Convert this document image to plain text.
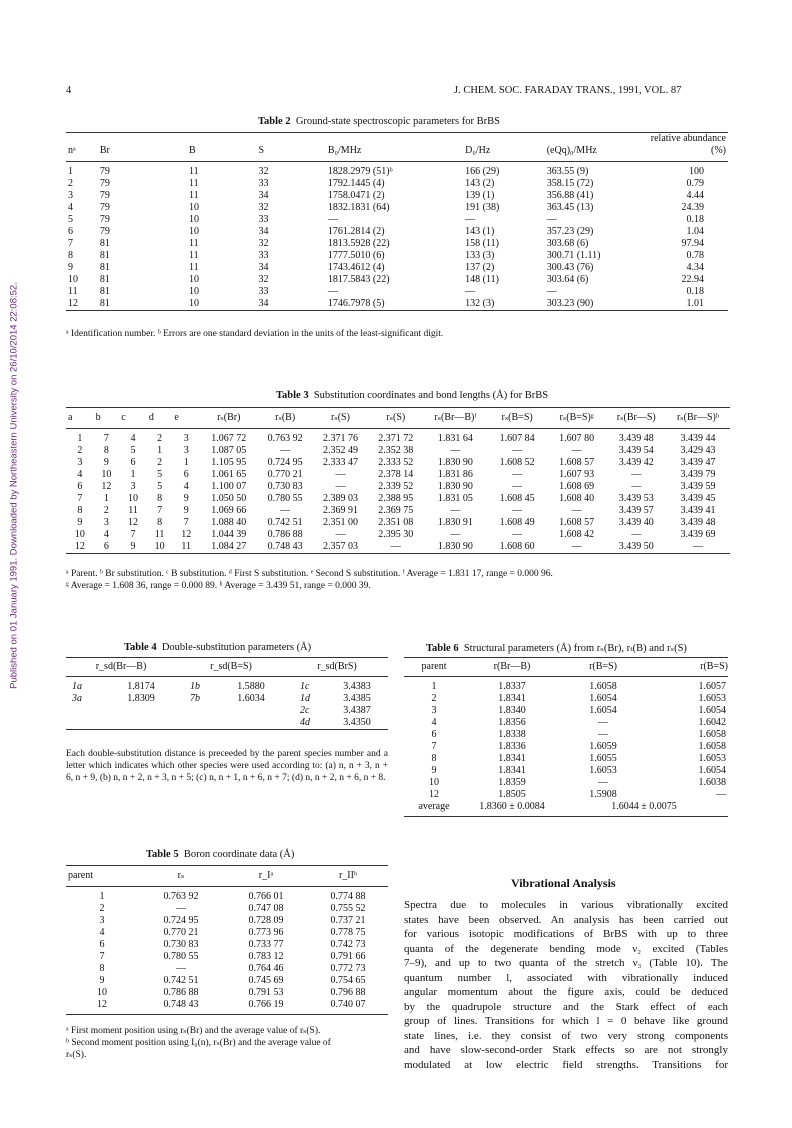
4	J. CHEM. SOC. FARADAY TRANS., 1991, VOL. 87
Published on 01 January 1991. Downloaded by Northeastern University on 26/10/2014 22:08:52.
Table 2 Ground-state spectroscopic parameters for BrBS
nᵃ	Br	B	S	B₀/MHz	D₀/Hz	(eQq)₀/MHz	relative abundance (%)
1	79	11	32	1828.2979 (51)ᵇ	166 (29)	363.55 (9)	100
2	79	11	33	1792.1445 (4)	143 (2)	358.15 (72)	0.79
3	79	11	34	1758.0471 (2)	139 (1)	356.88 (41)	4.44
4	79	10	32	1832.1831 (64)	191 (38)	363.45 (13)	24.39
5	79	10	33	—	—	—	0.18
6	79	10	34	1761.2814 (2)	143 (1)	357.23 (29)	1.04
7	81	11	32	1813.5928 (22)	158 (11)	303.68 (6)	97.94
8	81	11	33	1777.5010 (6)	133 (3)	300.71 (1.11)	0.78
9	81	11	34	1743.4612 (4)	137 (2)	300.43 (76)	4.34
10	81	10	32	1817.5843 (22)	148 (11)	303.64 (6)	22.94
11	81	10	33	—	—	—	0.18
12	81	10	34	1746.7978 (5)	132 (3)	303.23 (90)	1.01
ᵃ Identification number. ᵇ Errors are one standard deviation in the units of the least-significant digit.
Table 3 Substitution coordinates and bond lengths (Å) for BrBS
a	b	c	d	e	rₛ(Br)	rₛ(B)	rₛ(S)	rₛ(S)	rₛ(Br—B)ᶠ	rₛ(B=S)	rₛ(B=S)ᵍ	rₛ(Br—S)	rₛ(Br—S)ʰ
1	7	4	2	3	1.067 72	0.763 92	2.371 76	2.371 72	1.831 64	1.607 84	1.607 80	3.439 48	3.439 44
2	8	5	1	3	1.087 05	—	2.352 49	2.352 38	—	—	—	3.439 54	3.429 43
3	9	6	2	1	1.105 95	0.724 95	2.333 47	2.333 52	1.830 90	1.608 52	1.608 57	3.439 42	3.439 47
4	10	1	5	6	1.061 65	0.770 21	—	2.378 14	1.831 86	—	1.607 93	—	3.439 79
6	12	3	5	4	1.100 07	0.730 83	—	2.339 52	1.830 90	—	1.608 69	—	3.439 59
7	1	10	8	9	1.050 50	0.780 55	2.389 03	2.388 95	1.831 05	1.608 45	1.608 40	3.439 53	3.439 45
8	2	11	7	9	1.069 66	—	2.369 91	2.369 75	—	—	—	3.439 57	3.439 41
9	3	12	8	7	1.088 40	0.742 51	2.351 00	2.351 08	1.830 91	1.608 49	1.608 57	3.439 40	3.439 48
10	4	7	11	12	1.044 39	0.786 88	—	2.395 30	—	—	1.608 42	—	3.439 69
12	6	9	10	11	1.084 27	0.748 43	2.357 03	—	1.830 90	1.608 60	—	3.439 50	—
ᵃ Parent. ᵇ Br substitution. ᶜ B substitution. ᵈ First S substitution. ᵉ Second S substitution. ᶠ Average = 1.831 17, range = 0.000 96.
ᵍ Average = 1.608 36, range = 0.000 89. ʰ Average = 3.439 51, range = 0.000 39.
Table 4 Double-substitution parameters (Å)
r_sd(Br—B)		r_sd(B=S)		r_sd(BrS)	
1a	1.8174	1b	1.5880	1c	3.4383
3a	1.8309	7b	1.6034	1d	3.4385
				2c	3.4387
				4d	3.4350
Each double-substitution distance is preceeded by the parent species number and a letter which indicates which other species were used according to: (a) n, n + 3, n + 6, n + 9, (b) n, n + 2, n + 3, n + 5; (c) n, n + 1, n + 6, n + 7; (d) n, n + 2, n + 6, n + 8.
Table 6 Structural parameters (Å) from rₛ(Br), rₜ(B) and rₛ(S)
parent	r(Br—B)	r(B=S)	r(B=S)
1	1.8337	1.6058	1.6057
2	1.8341	1.6054	1.6053
3	1.8340	1.6054	1.6054
4	1.8356	—	1.6042
6	1.8338	—	1.6058
7	1.8336	1.6059	1.6058
8	1.8341	1.6055	1.6053
9	1.8341	1.6053	1.6054
10	1.8359	—	1.6038
12	1.8505	1.5908	—
average	1.8360 ± 0.0084	1.6044 ± 0.0075	
Table 5 Boron coordinate data (Å)
parent	rₛ	r_Iᵃ	r_IIᵇ
1	0.763 92	0.766 01	0.774 88
2	—	0.747 08	0.755 52
3	0.724 95	0.728 09	0.737 21
4	0.770 21	0.773 96	0.778 75
6	0.730 83	0.733 77	0.742 73
7	0.780 55	0.783 12	0.791 66
8	—	0.764 46	0.772 73
9	0.742 51	0.745 69	0.754 65
10	0.786 88	0.791 53	0.796 88
12	0.748 43	0.766 19	0.740 07
ᵃ First moment position using rₛ(Br) and the average value of rₛ(S).
ᵇ Second moment position using I₀(n), rₛ(Br) and the average value of
rₛ(S).
Vibrational Analysis
Spectra due to molecules in various vibrationally excited
states have been observed. An analysis has been carried out
for various isotopic modifications of BrBS with up to three
quanta of the degenerate bending mode ν₂ excited (Tables
7–9), and up to two quanta of the stretch ν₃ (Table 10). The
quantum number l, associated with vibrationally induced
angular momentum about the figure axis, could be deduced
by the quadrupole structure and the Stark effect of each
group of lines. Transitions for which l = 0 behave like ground
state lines, i.e. they consist of two very strong components
and have slow-second-order Stark effects so are not strongly
modulated at low electric field strengths. Transitions for
